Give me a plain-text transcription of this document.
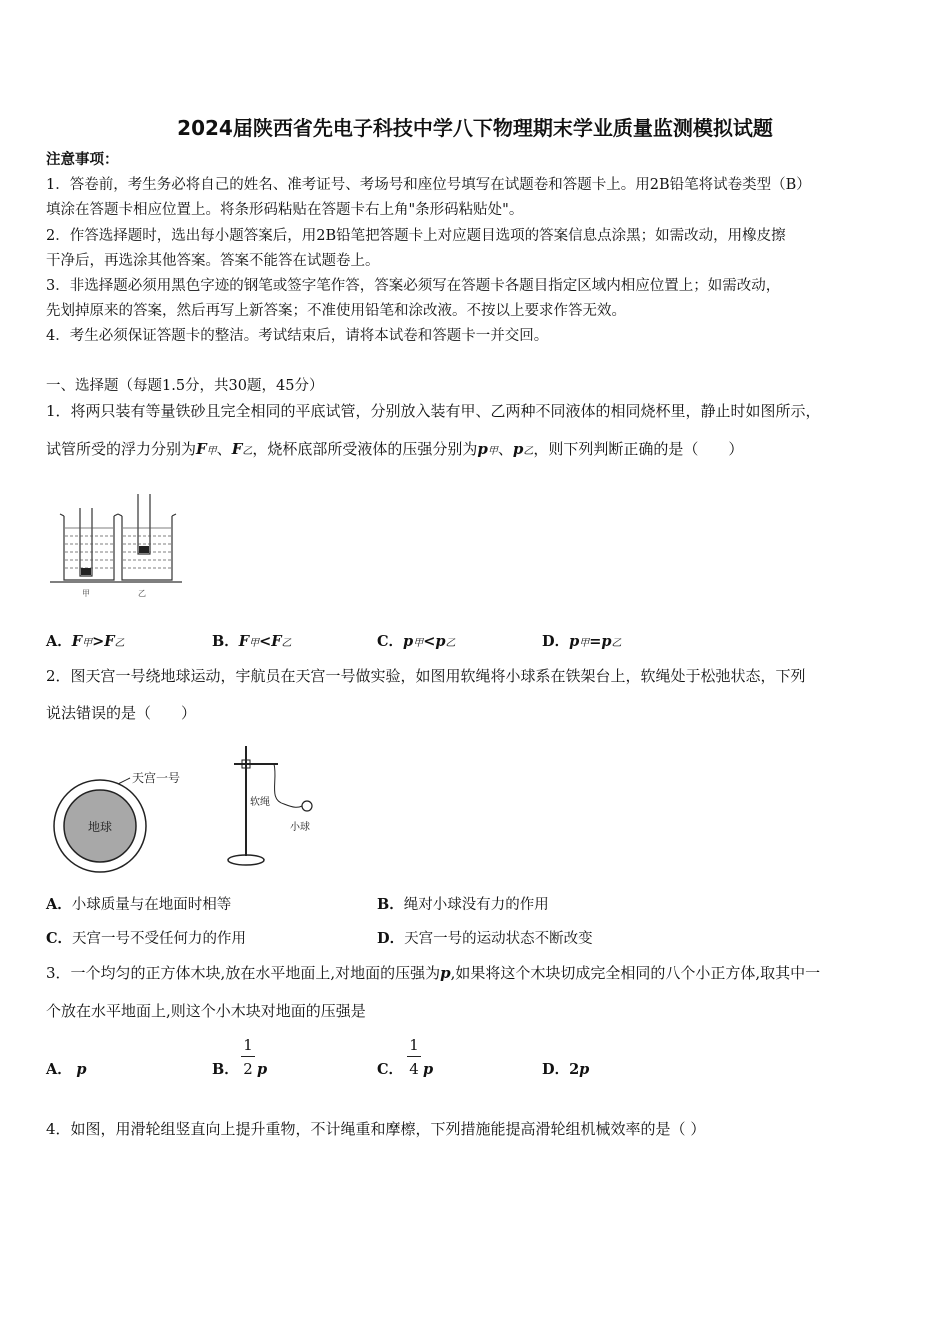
2024届陕西省先电子科技中学八下物理期末学业质量监测模拟试题
注意事项：
1．答卷前，考生务必将自己的姓名、准考证号、考场号和座位号填写在试题卷和答题卡上。用2B铅笔将试卷类型（B）
填涂在答题卡相应位置上。将条形码粘贴在答题卡右上角"条形码粘贴处"。
2．作答选择题时，选出每小题答案后，用2B铅笔把答题卡上对应题目选项的答案信息点涂黑；如需改动，用橡皮擦
干净后，再选涂其他答案。答案不能答在试题卷上。
3．非选择题必须用黑色字迹的钢笔或签字笔作答，答案必须写在答题卡各题目指定区域内相应位置上；如需改动，
先划掉原来的答案，然后再写上新答案；不准使用铅笔和涂改液。不按以上要求作答无效。
4．考生必须保证答题卡的整洁。考试结束后，请将本试卷和答题卡一并交回。
一、选择题（每题1.5分，共30题，45分）
1．将两只装有等量铁砂且完全相同的平底试管，分别放入装有甲、乙两种不同液体的相同烧杯里，静止时如图所示，
试管所受的浮力分别为F甲、F乙，烧杯底部所受液体的压强分别为p甲、p乙，则下列判断正确的是（　　）
甲	乙
A．F甲>F乙	B．F甲<F乙	C．p甲<p乙	D．p甲=p乙
2．图天宫一号绕地球运动，宇航员在天宫一号做实验，如图用软绳将小球系在铁架台上，软绳处于松弛状态，下列
说法错误的是（　　）
天宫一号
地球
软绳
小球
A．小球质量与在地面时相等	B．绳对小球没有力的作用
C．天宫一号不受任何力的作用	D．天宫一号的运动状态不断改变
3．一个均匀的正方体木块,放在水平地面上,对地面的压强为p,如果将这个木块切成完全相同的八个小正方体,取其中一
个放在水平地面上,则这个小木块对地面的压强是
A． p	B．
1
2 p	C．
1
4 p	D．2p
4．如图，用滑轮组竖直向上提升重物，不计绳重和摩檫，下列措施能提高滑轮组机械效率的是（ ）
